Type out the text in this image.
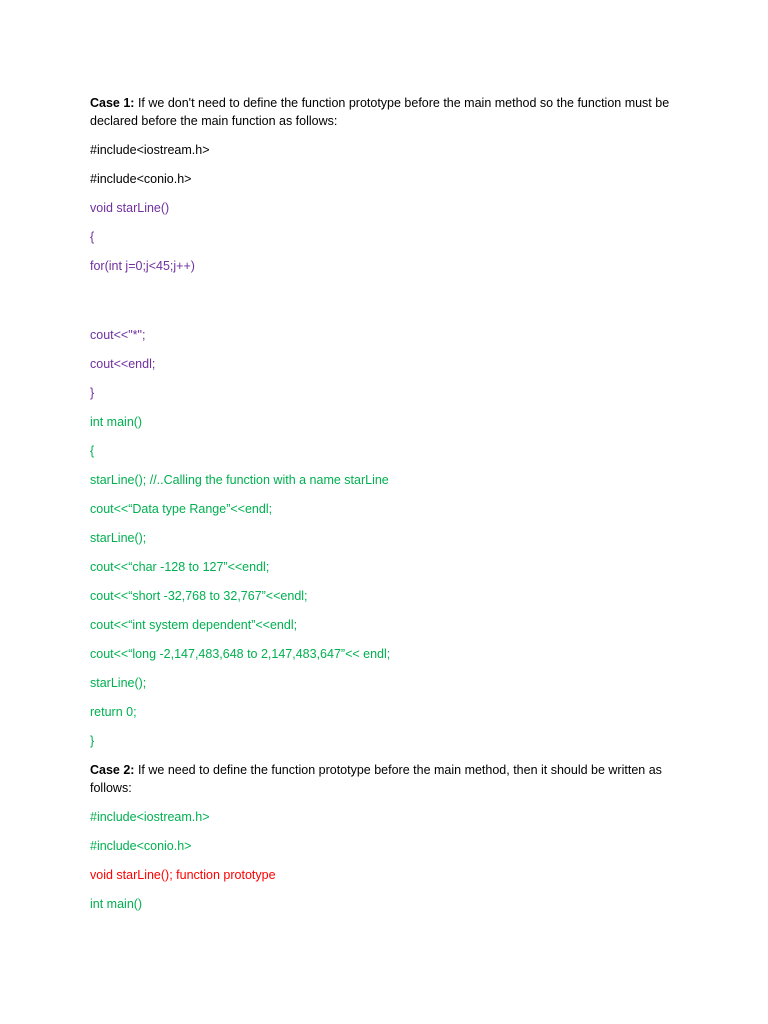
Case 1: If we don't need to define the function prototype before the main method so the function must be declared before the main function as follows:

#include<iostream.h>
#include<conio.h>
void starLine()
{
for(int j=0;j<45;j++)
cout<<"*";
cout<<endl;
}
int main()
{
starLine(); //..Calling the function with a name starLine
cout<<“Data type Range”<<endl;
starLine();
cout<<“char -128 to 127”<<endl;
cout<<“short -32,768 to 32,767”<<endl;
cout<<“int system dependent”<<endl;
cout<<“long -2,147,483,648 to 2,147,483,647”<< endl;
starLine();
return 0;
}

Case 2: If we need to define the function prototype before the main method, then it should be written as follows:

#include<iostream.h>
#include<conio.h>
void starLine(); function prototype
int main()
